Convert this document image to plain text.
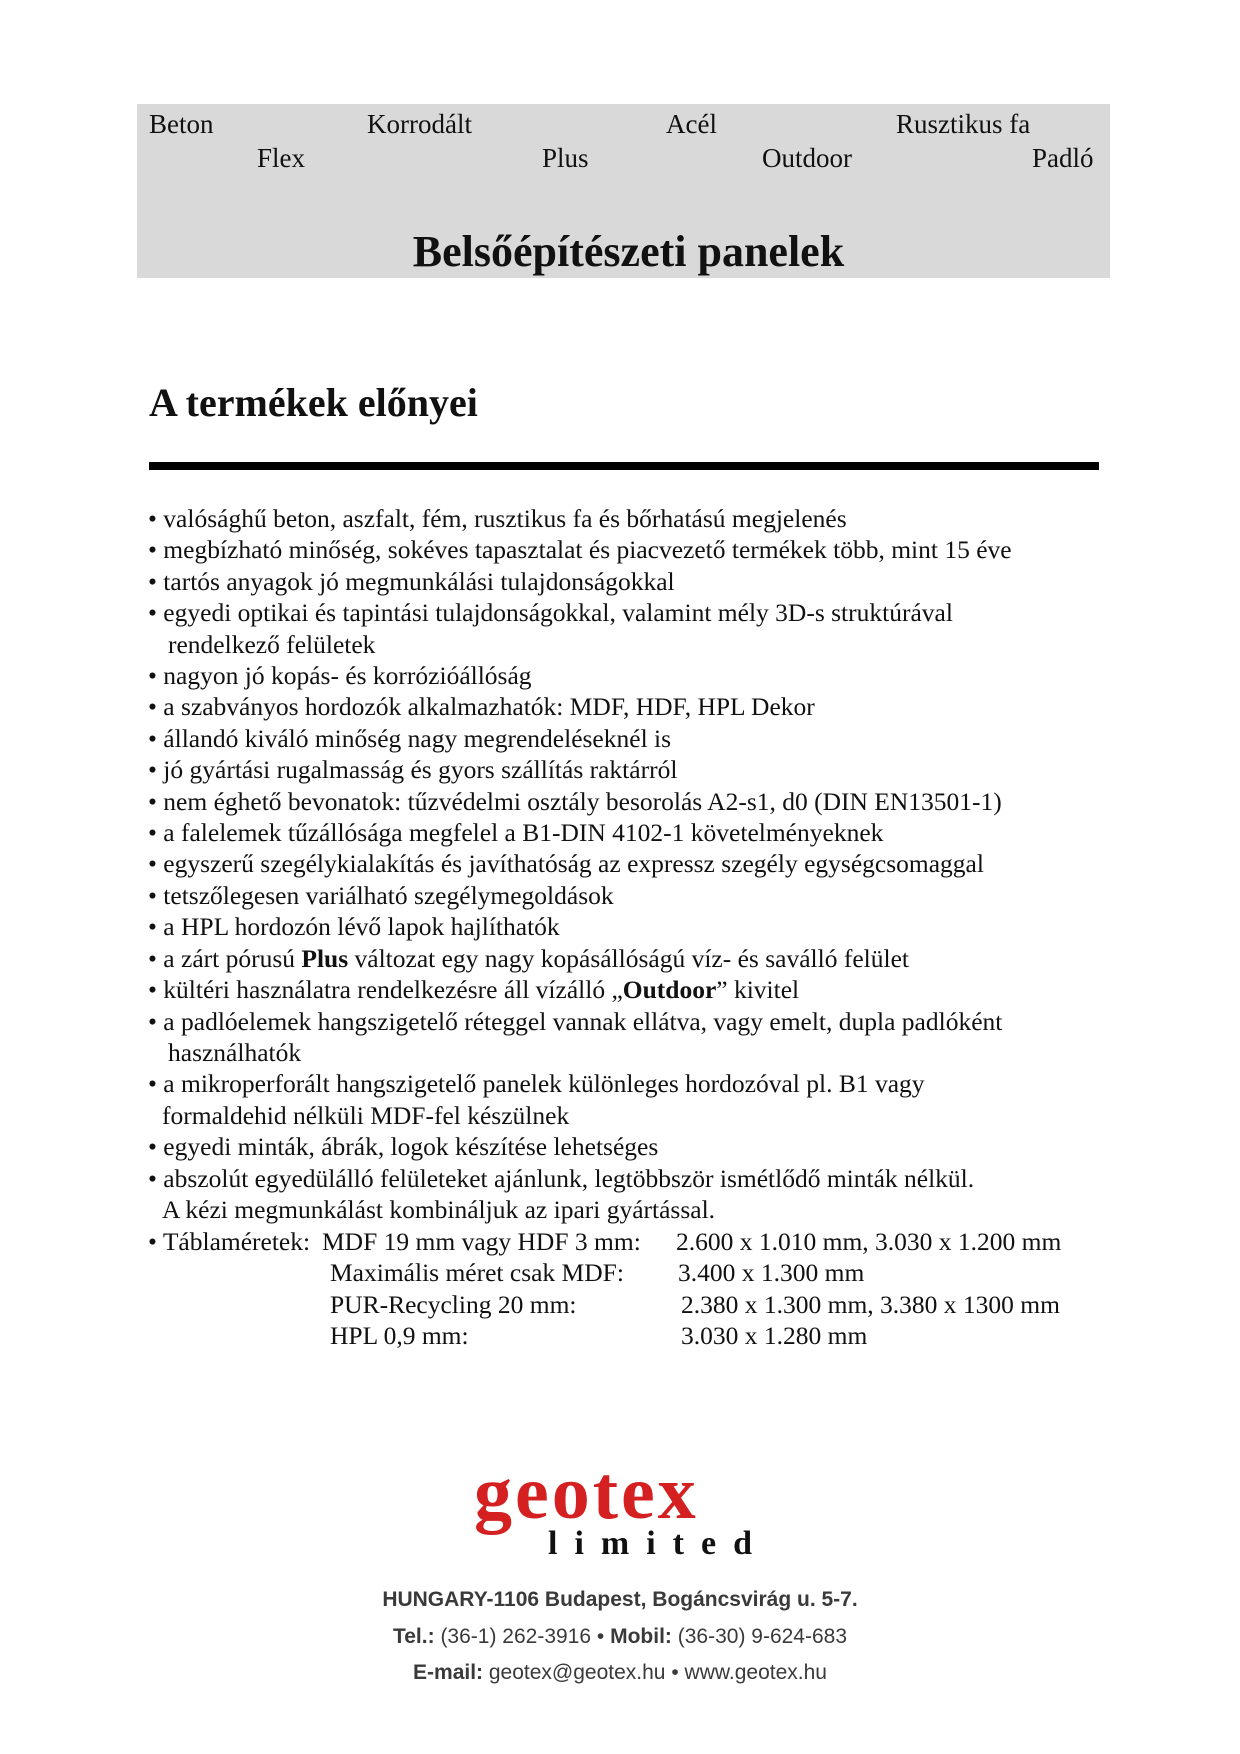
Beton
Flex
Korrodált
Plus
Acél
Outdoor
Rusztikus fa
Padló
Belsőépítészeti panelek
A termékek előnyei
• valósághű beton, aszfalt, fém, rusztikus fa és bőrhatású megjelenés
• megbízható minőség, sokéves tapasztalat és piacvezető termékek több, mint 15 éve
• tartós anyagok jó megmunkálási tulajdonságokkal
• egyedi optikai és tapintási tulajdonságokkal, valamint mély 3D-s struktúrával
rendelkező felületek
• nagyon jó kopás- és korrózióállóság
• a szabványos hordozók alkalmazhatók: MDF, HDF, HPL Dekor
• állandó kiváló minőség nagy megrendeléseknél is
• jó gyártási rugalmasság és gyors szállítás raktárról
• nem éghető bevonatok: tűzvédelmi osztály besorolás A2-s1, d0 (DIN EN13501-1)
• a falelemek tűzállósága megfelel a B1-DIN 4102-1 követelményeknek
• egyszerű szegélykialakítás és javíthatóság az expressz szegély egységcsomaggal
• tetszőlegesen variálható szegélymegoldások
• a HPL hordozón lévő lapok hajlíthatók
• a zárt pórusú Plus változat egy nagy kopásállóságú víz- és saválló felület
• kültéri használatra rendelkezésre áll vízálló „Outdoor” kivitel
• a padlóelemek hangszigetelő réteggel vannak ellátva, vagy emelt, dupla padlóként
használhatók
• a mikroperforált hangszigetelő panelek különleges hordozóval pl. B1 vagy
formaldehid nélküli MDF-fel készülnek
• egyedi minták, ábrák, logok készítése lehetséges
• abszolút egyedülálló felületeket ajánlunk, legtöbbször ismétlődő minták nélkül.
A kézi megmunkálást kombináljuk az ipari gyártással.
• Táblaméretek: MDF 19 mm vagy HDF 3 mm: 2.600 x 1.010 mm, 3.030 x 1.200 mm
Maximális méret csak MDF: 3.400 x 1.300 mm
PUR-Recycling 20 mm:	2.380 x 1.300 mm, 3.380 x 1300 mm
HPL 0,9 mm:	3.030 x 1.280 mm
geotex
limited
HUNGARY-1106 Budapest, Bogáncsvirág u. 5-7.
Tel.: (36-1) 262-3916 • Mobil: (36-30) 9-624-683
E-mail: geotex@geotex.hu • www.geotex.hu
